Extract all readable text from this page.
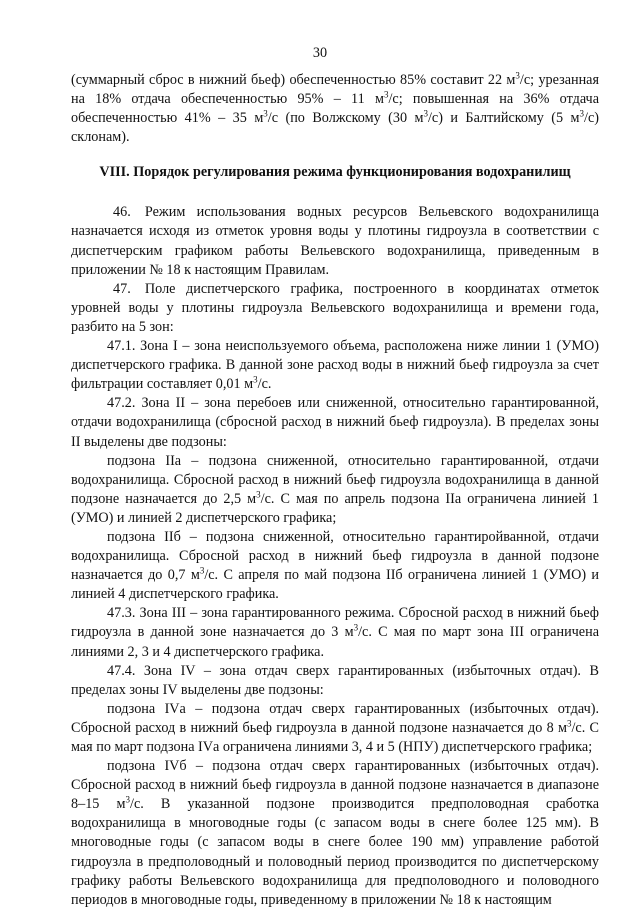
30

(суммарный сброс в нижний бьеф) обеспеченностью 85% составит 22 $м^3/с$; урезанная на 18% отдача обеспеченностью 95% – 11 $м^3/с$; повышенная на 36% отдача обеспеченностью 41% – 35 $м^3/с$ (по Волжскому (30 $м^3/с$) и Балтийскому (5 $м^3/с$) склонам).

VIII. Порядок регулирования режима функционирования водохранилищ

46. Режим использования водных ресурсов Вельевского водохранилища назначается исходя из отметок уровня воды у плотины гидроузла в соответствии с диспетчерским графиком работы Вельевского водохранилища, приведенным в приложении № 18 к настоящим Правилам.

47. Поле диспетчерского графика, построенного в координатах отметок уровней воды у плотины гидроузла Вельевского водохранилища и времени года, разбито на 5 зон:

47.1. Зона I – зона неиспользуемого объема, расположена ниже линии 1 (УМО) диспетчерского графика. В данной зоне расход воды в нижний бьеф гидроузла за счет фильтрации составляет 0,01 $м^3/с$.

47.2. Зона II – зона перебоев или сниженной, относительно гарантированной, отдачи водохранилища (сбросной расход в нижний бьеф гидроузла). В пределах зоны II выделены две подзоны:

подзона IIа – подзона сниженной, относительно гарантированной, отдачи водохранилища. Сбросной расход в нижний бьеф гидроузла водохранилища в данной подзоне назначается до 2,5 $м^3/с$. С мая по апрель подзона IIа ограничена линией 1 (УМО) и линией 2 диспетчерского графика;

подзона IIб – подзона сниженной, относительно гарантиройванной, отдачи водохранилища. Сбросной расход в нижний бьеф гидроузла в данной подзоне назначается до 0,7 $м^3/с$. С апреля по май подзона IIб ограничена линией 1 (УМО) и линией 4 диспетчерского графика.

47.3. Зона III – зона гарантированного режима. Сбросной расход в нижний бьеф гидроузла в данной зоне назначается до 3 $м^3/с$. С мая по март зона III ограничена линиями 2, 3 и 4 диспетчерского графика.

47.4. Зона IV – зона отдач сверх гарантированных (избыточных отдач). В пределах зоны IV выделены две подзоны:

подзона IVа – подзона отдач сверх гарантированных (избыточных отдач). Сбросной расход в нижний бьеф гидроузла в данной подзоне назначается до 8 $м^3/с$. С мая по март подзона IVа ограничена линиями 3, 4 и 5 (НПУ) диспетчерского графика;

подзона IVб – подзона отдач сверх гарантированных (избыточных отдач). Сбросной расход в нижний бьеф гидроузла в данной подзоне назначается в диапазоне 8–15 $м^3/с$. В указанной подзоне производится предполоводная сработка водохранилища в многоводные годы (с запасом воды в снеге более 125 мм). В многоводные годы (с запасом воды в снеге более 190 мм) управление работой гидроузла в предполоводный и половодный период производится по диспетчерскому графику работы Вельевского водохранилища для предполоводного и половодного периодов в многоводные годы, приведенному в приложении № 18 к настоящим
